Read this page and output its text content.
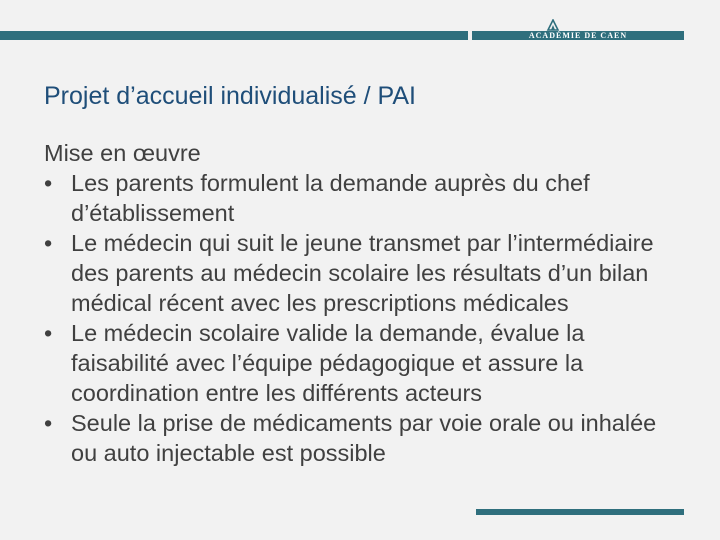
ACADÉMIE DE CAEN
Projet d’accueil individualisé / PAI

Mise en œuvre

• Les parents formulent la demande auprès du chef d’établissement
• Le médecin qui suit le jeune transmet par l’intermédiaire des parents au médecin scolaire les résultats d’un bilan médical récent avec les prescriptions médicales
• Le médecin scolaire valide la demande, évalue la faisabilité avec l’équipe pédagogique et assure la coordination entre les différents acteurs
• Seule la prise de médicaments par voie orale ou inhalée ou auto injectable est possible
